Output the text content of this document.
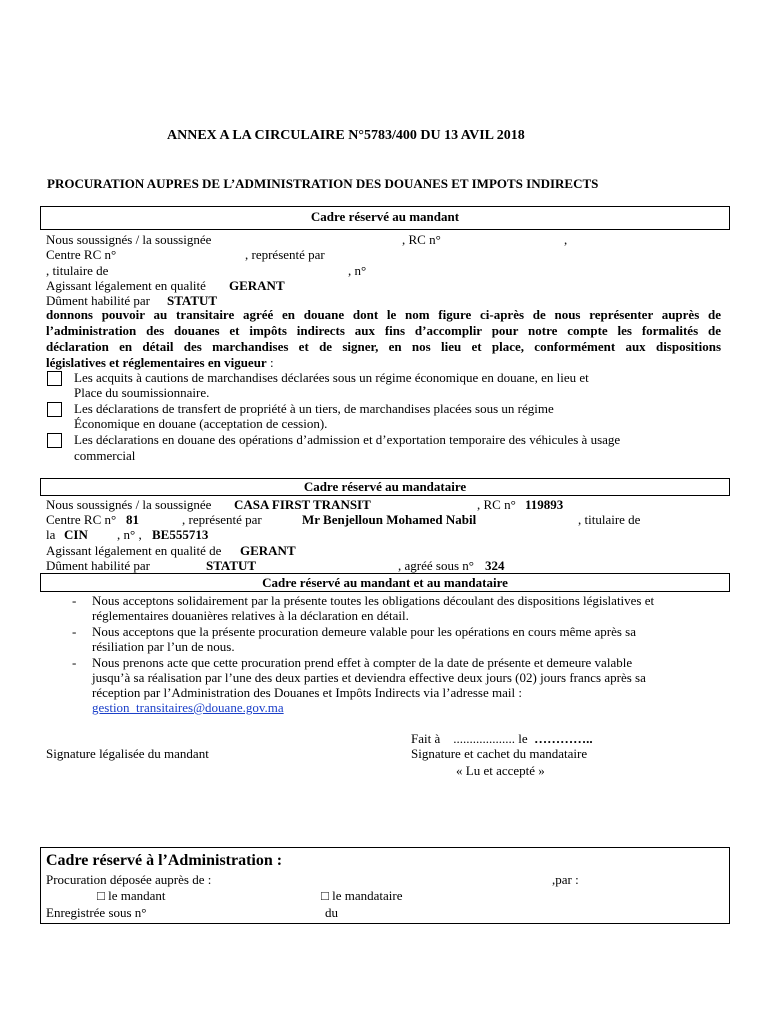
ANNEX A LA CIRCULAIRE N°5783/400 DU 13 AVIL 2018
PROCURATION AUPRES DE L’ADMINISTRATION DES DOUANES ET IMPOTS INDIRECTS
Cadre réservé au mandant
Nous soussignés / la soussignée	, RC n°	,
Centre RC n°	, représenté par
, titulaire de	, n°
Agissant légalement en qualité GERANT
Dûment habilité par STATUT
donnons pouvoir au transitaire agréé en douane dont le nom figure ci-après de nous représenter auprès de
l’administration des douanes et impôts indirects aux fins d’accomplir pour notre compte les formalités de
déclaration en détail des marchandises et de signer, en nos lieu et place, conformément aux dispositions
législatives et réglementaires en vigueur :
Les acquits à cautions de marchandises déclarées sous un régime économique en douane, en lieu et
Place du soumissionnaire.
Les déclarations de transfert de propriété à un tiers, de marchandises placées sous un régime
Économique en douane (acceptation de cession).
Les déclarations en douane des opérations d’admission et d’exportation temporaire des véhicules à usage
commercial
Cadre réservé au mandataire
Nous soussignés / la soussignée CASA FIRST TRANSIT	, RC n° 119893
Centre RC n° 81	, représenté par	Mr Benjelloun Mohamed Nabil	, titulaire de
la CIN , n° , BE555713
Agissant légalement en qualité de GERANT
Dûment habilité par	STATUT	, agréé sous n° 324
Cadre réservé au mandant et au mandataire
- Nous acceptons solidairement par la présente toutes les obligations découlant des dispositions législatives et
réglementaires douanières relatives à la déclaration en détail.
- Nous acceptons que la présente procuration demeure valable pour les opérations en cours même après sa
résiliation par l’un de nous.
- Nous prenons acte que cette procuration prend effet à compter de la date de présente et demeure valable
jusqu’à sa réalisation par l’une des deux parties et deviendra effective deux jours (02) jours francs après sa
réception par l’Administration des Douanes et Impôts Indirects via l’adresse mail :
gestion_transitaires@douane.gov.ma
Fait à ................... le …………..
Signature légalisée du mandant	Signature et cachet du mandataire
« Lu et accepté »
Cadre réservé à l’Administration :
Procuration déposée auprès de :	,par :
□ le mandant	□ le mandataire
Enregistrée sous n°	du
